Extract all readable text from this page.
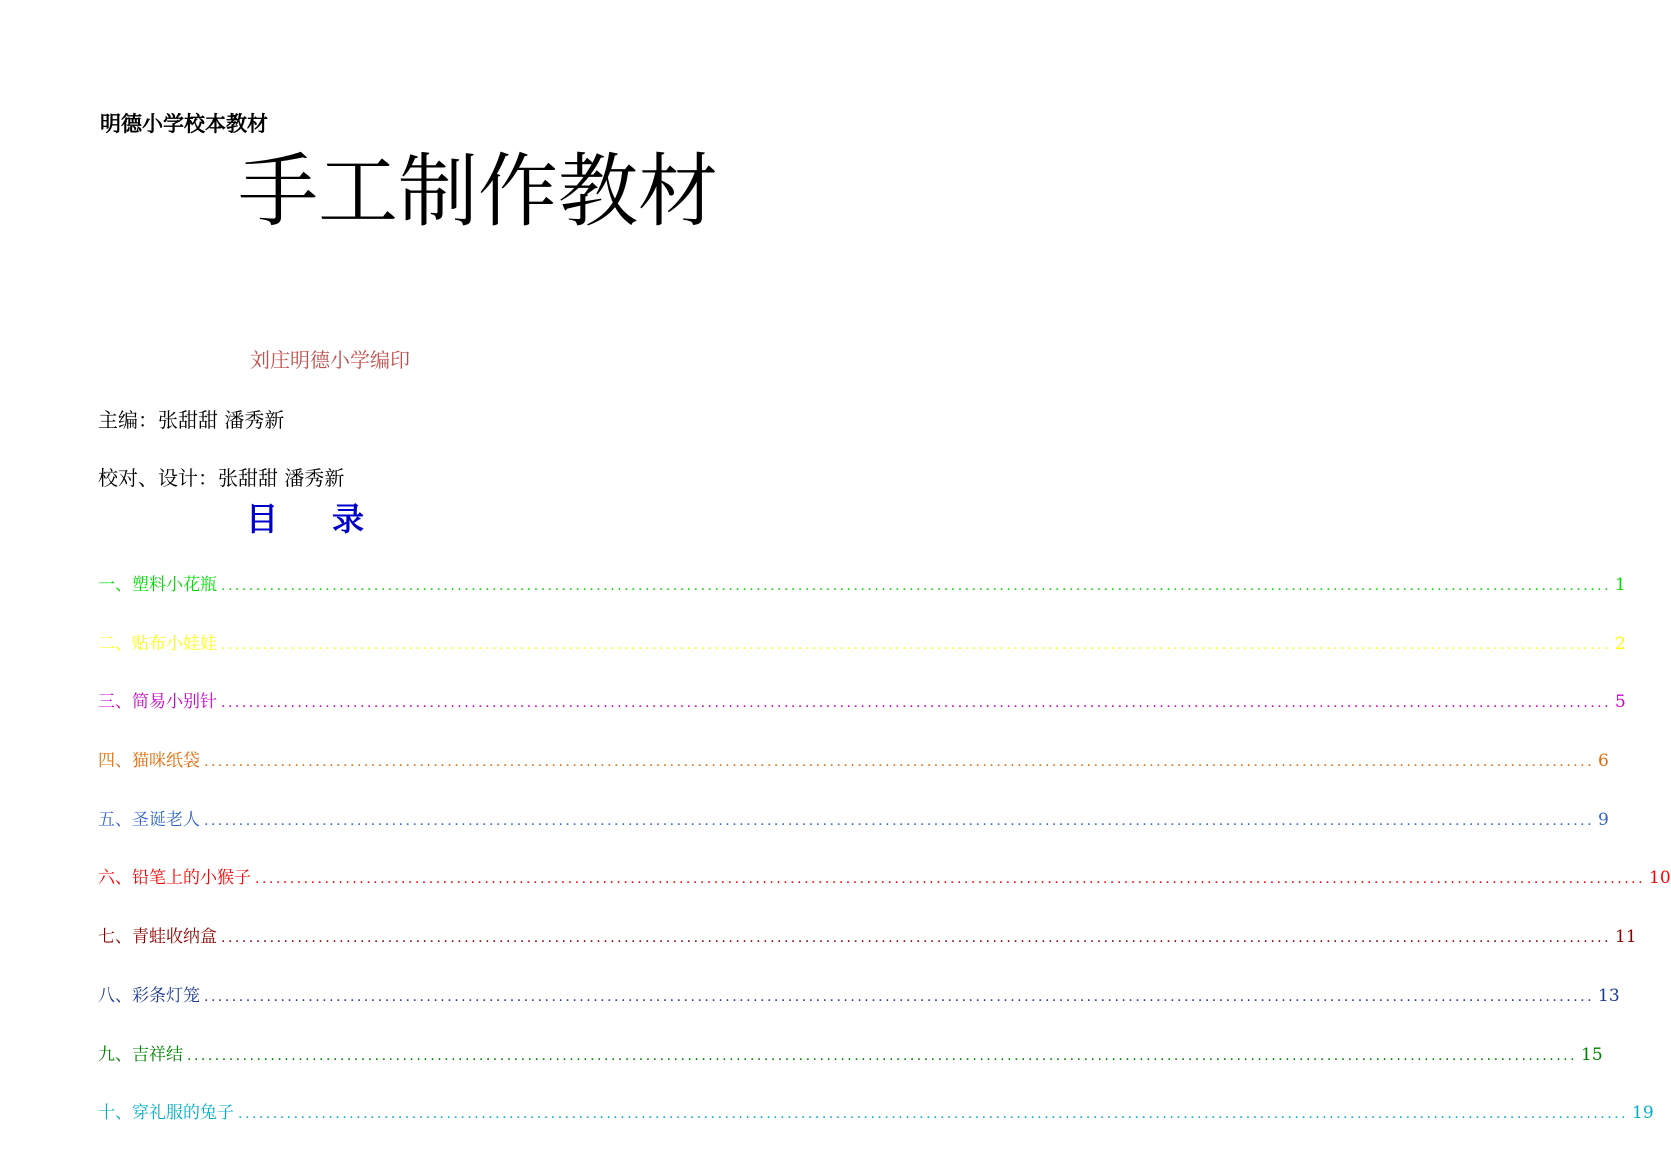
明德小学校本教材
手工制作教材
刘庄明德小学编印
主编：张甜甜 潘秀新
校对、设计：张甜甜 潘秀新
目 录
一、塑料小花瓶 ........................................................................................................................................................................................................ 1
二、贴布小娃娃 ........................................................................................................................................................................................................ 2
三、简易小别针 ........................................................................................................................................................................................................ 5
四、猫咪纸袋 ........................................................................................................................................................................................................ 6
五、圣诞老人 ........................................................................................................................................................................................................ 9
六、铅笔上的小猴子 ........................................................................................................................................................................................................ 10
七、青蛙收纳盒 ........................................................................................................................................................................................................ 11
八、彩条灯笼 ........................................................................................................................................................................................................ 13
九、吉祥结 ........................................................................................................................................................................................................ 15
十、穿礼服的兔子 ........................................................................................................................................................................................................ 19
